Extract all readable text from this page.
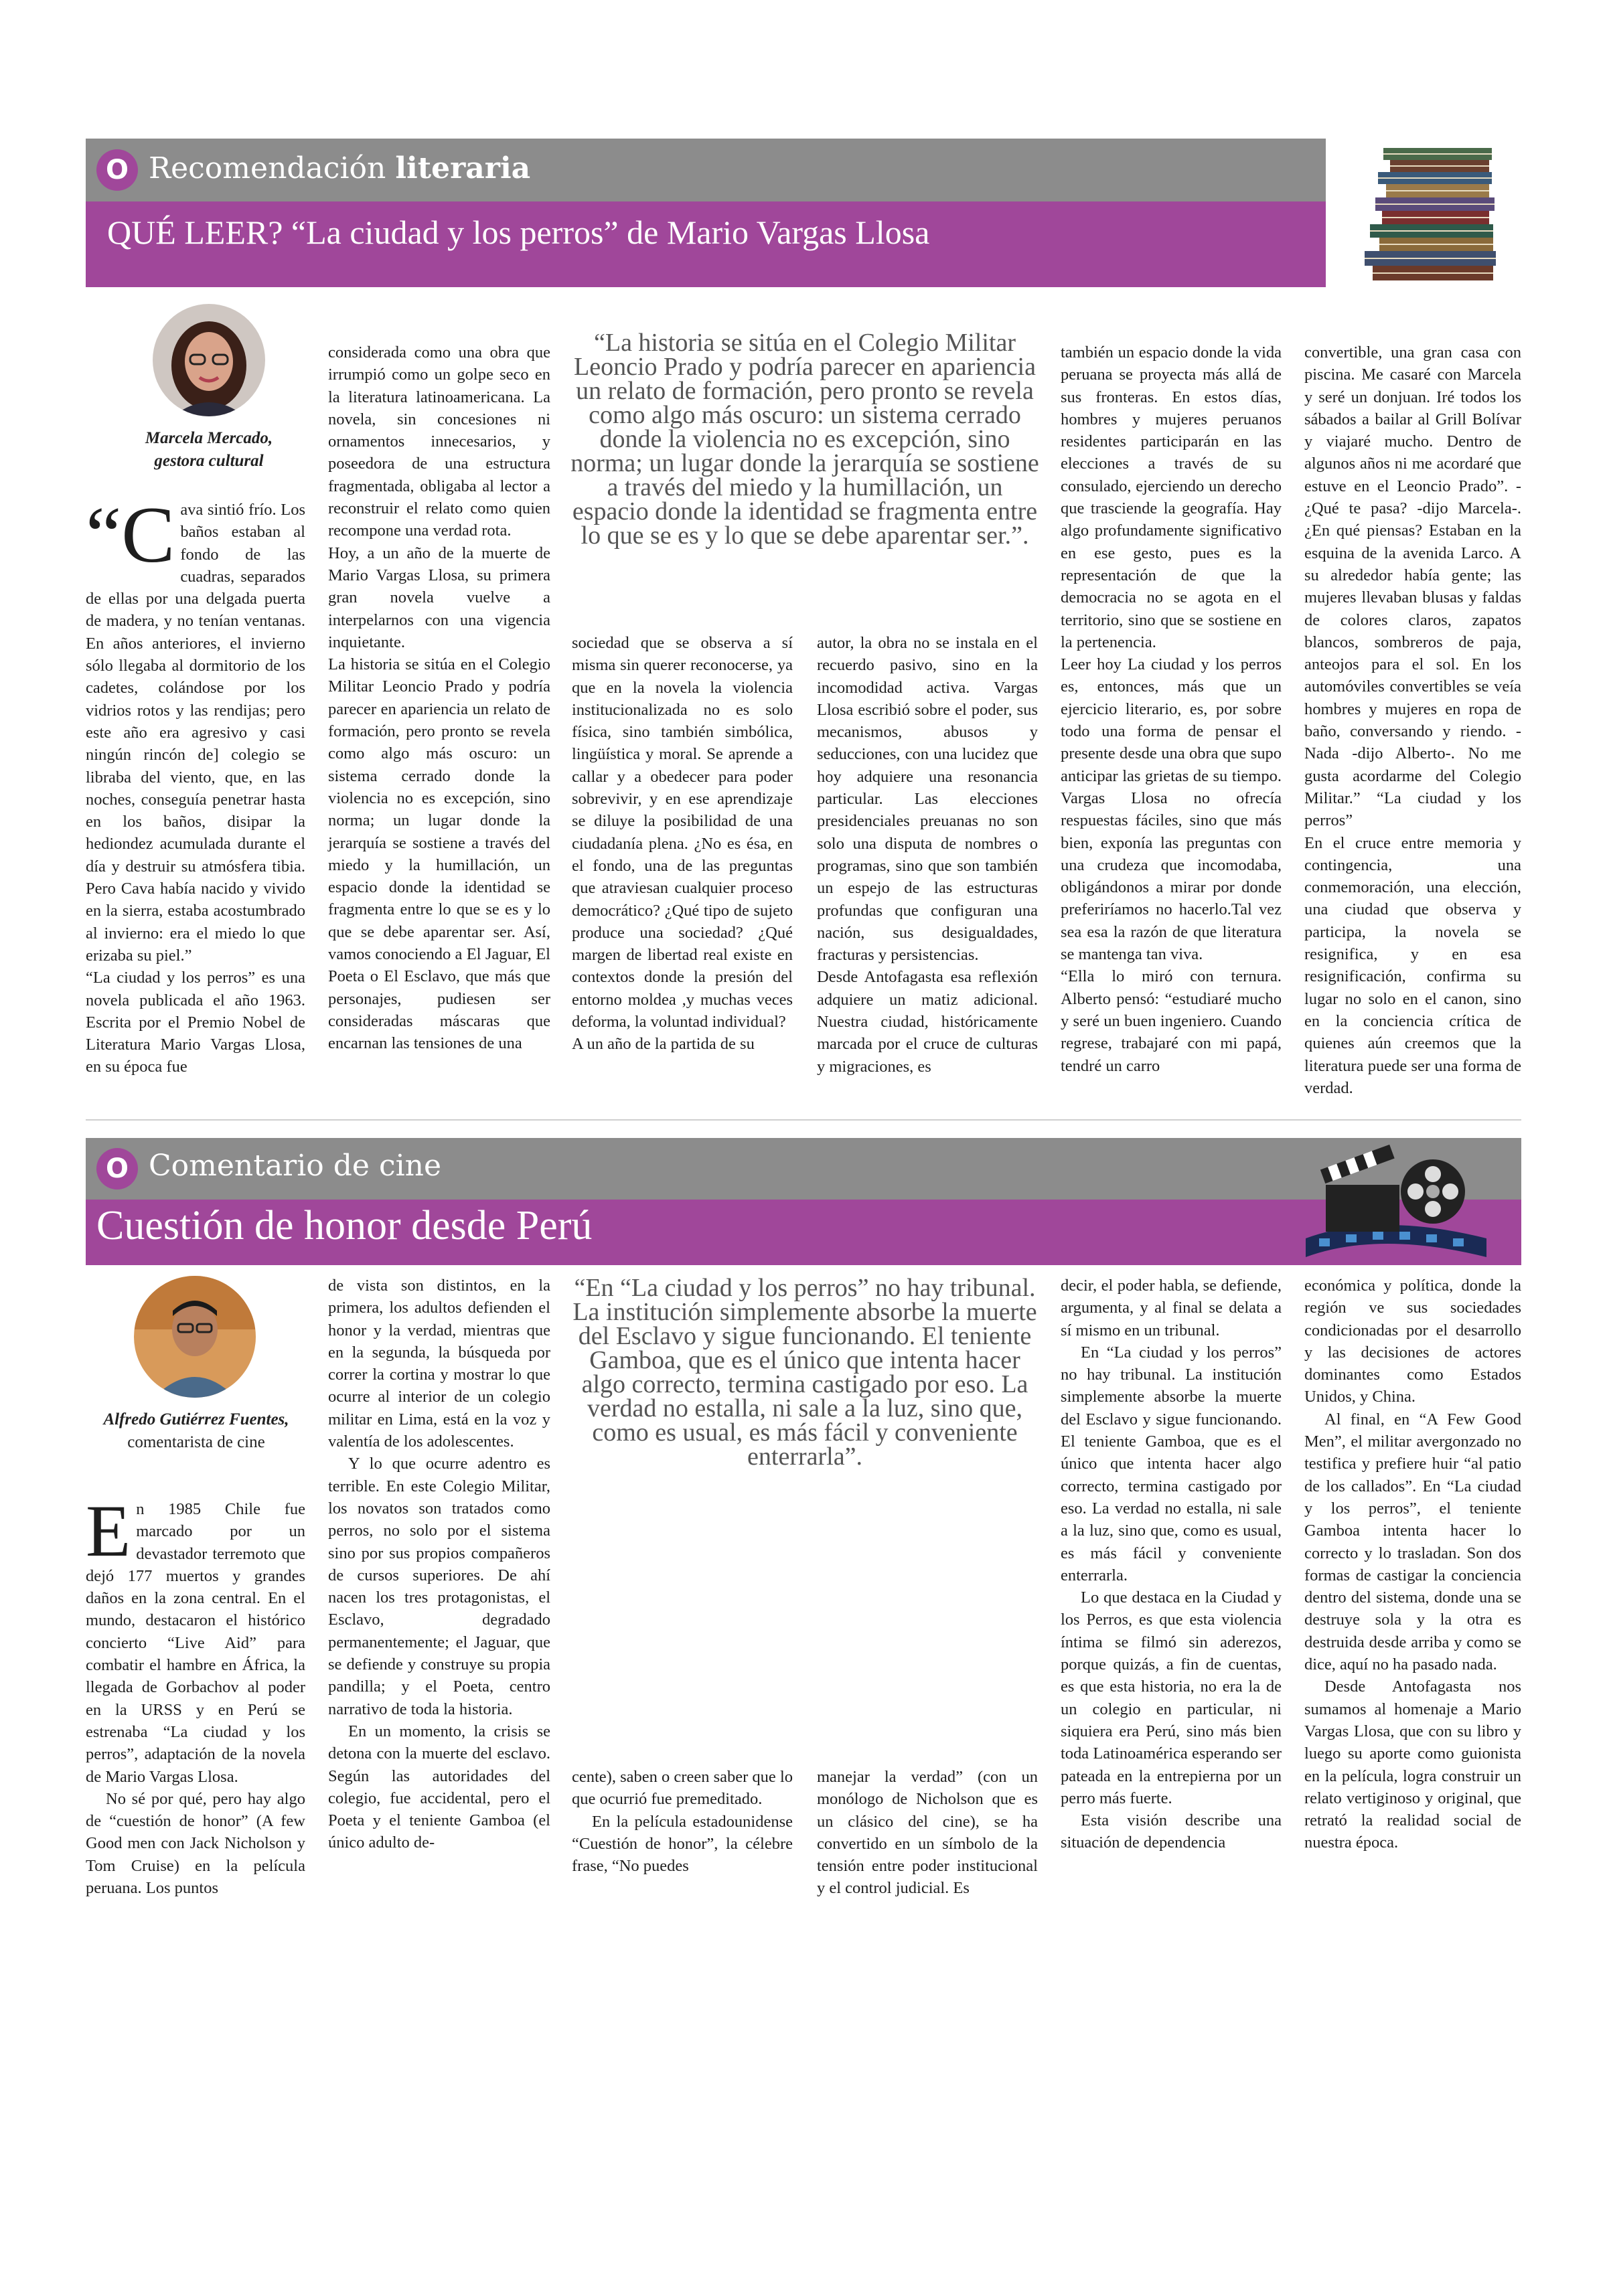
O Recomendación literaria
QUÉ LEER? “La ciudad y los perros” de Mario Vargas Llosa
Marcela Mercado,
gestora cultural

“Cava sintió frío. Los baños estaban al fondo de las cuadras, separados de ellas por una delgada puerta de madera, y no tenían ventanas. En años anteriores, el invierno sólo llegaba al dormitorio de los cadetes, colándose por los vidrios rotos y las rendijas; pero este año era agresivo y casi ningún rincón de] colegio se libraba del viento, que, en las noches, conseguía penetrar hasta en los baños, disipar la hediondez acumulada durante el día y destruir su atmósfera tibia. Pero Cava había nacido y vivido en la sierra, estaba acostumbrado al invierno: era el miedo lo que erizaba su piel.”

“La ciudad y los perros” es una novela publicada el año 1963. Escrita por el Premio Nobel de Literatura Mario Vargas Llosa, en su época fue

considerada como una obra que irrumpió como un golpe seco en la literatura latinoamericana. La novela, sin concesiones ni ornamentos innecesarios, y poseedora de una estructura fragmentada, obligaba al lector a reconstruir el relato como quien recompone una verdad rota.

Hoy, a un año de la muerte de Mario Vargas Llosa, su primera gran novela vuelve a interpelarnos con una vigencia inquietante.

La historia se sitúa en el Colegio Militar Leoncio Prado y podría parecer en apariencia un relato de formación, pero pronto se revela como algo más oscuro: un sistema cerrado donde la violencia no es excepción, sino norma; un lugar donde la jerarquía se sostiene a través del miedo y la humillación, un espacio donde la identidad se fragmenta entre lo que se es y lo que se debe aparentar ser. Así, vamos conociendo a El Jaguar, El Poeta o El Esclavo, que más que personajes, pudiesen ser consideradas máscaras que encarnan las tensiones de una

“La historia se sitúa en el Colegio Militar Leoncio Prado y podría parecer en apariencia un relato de formación, pero pronto se revela como algo más oscuro: un sistema cerrado donde la violencia no es excepción, sino norma; un lugar donde la jerarquía se sostiene a través del miedo y la humillación, un espacio donde la identidad se fragmenta entre lo que se es y lo que se debe aparentar ser.”.

sociedad que se observa a sí misma sin querer reconocerse, ya que en la novela la violencia institucionalizada no es solo física, sino también simbólica, lingüística y moral. Se aprende a callar y a obedecer para poder sobrevivir, y en ese aprendizaje se diluye la posibilidad de una ciudadanía plena. ¿No es ésa, en el fondo, una de las preguntas que atraviesan cualquier proceso democrático? ¿Qué tipo de sujeto produce una sociedad? ¿Qué margen de libertad real existe en contextos donde la presión del entorno moldea ,y muchas veces deforma, la voluntad individual?

A un año de la partida de su

autor, la obra no se instala en el recuerdo pasivo, sino en la incomodidad activa. Vargas Llosa escribió sobre el poder, sus mecanismos, abusos y seducciones, con una lucidez que hoy adquiere una resonancia particular. Las elecciones presidenciales preuanas no son solo una disputa de nombres o programas, sino que son también un espejo de las estructuras profundas que configuran una nación, sus desigualdades, fracturas y persistencias.

Desde Antofagasta esa reflexión adquiere un matiz adicional. Nuestra ciudad, históricamente marcada por el cruce de culturas y migraciones, es

también un espacio donde la vida peruana se proyecta más allá de sus fronteras. En estos días, hombres y mujeres peruanos residentes participarán en las elecciones a través de su consulado, ejerciendo un derecho que trasciende la geografía. Hay algo profundamente significativo en ese gesto, pues es la representación de que la democracia no se agota en el territorio, sino que se sostiene en la pertenencia.

Leer hoy La ciudad y los perros es, entonces, más que un ejercicio literario, es, por sobre todo una forma de pensar el presente desde una obra que supo anticipar las grietas de su tiempo. Vargas Llosa no ofrecía respuestas fáciles, sino que más bien, exponía las preguntas con una crudeza que incomodaba, obligándonos a mirar por donde preferiríamos no hacerlo.Tal vez sea esa la razón de que literatura se mantenga tan viva.

“Ella lo miró con ternura. Alberto pensó: “estudiaré mucho y seré un buen ingeniero. Cuando regrese, trabajaré con mi papá, tendré un carro

convertible, una gran casa con piscina. Me casaré con Marcela y seré un donjuan. Iré todos los sábados a bailar al Grill Bolívar y viajaré mucho. Dentro de algunos años ni me acordaré que estuve en el Leoncio Prado”. -¿Qué te pasa? -dijo Marcela-. ¿En qué piensas? Estaban en la esquina de la avenida Larco. A su alrededor había gente; las mujeres llevaban blusas y faldas de colores claros, zapatos blancos, sombreros de paja, anteojos para el sol. En los automóviles convertibles se veía hombres y mujeres en ropa de baño, conversando y riendo. -Nada -dijo Alberto-. No me gusta acordarme del Colegio Militar.” “La ciudad y los perros”

En el cruce entre memoria y contingencia, una conmemoración, una elección, una ciudad que observa y participa, la novela se resignifica, y en esa resignificación, confirma su lugar no solo en el canon, sino en la conciencia crítica de quienes aún creemos que la literatura puede ser una forma de verdad.

O Comentario de cine
Cuestión de honor desde Perú
Alfredo Gutiérrez Fuentes,
comentarista de cine

En 1985 Chile fue marcado por un devastador terremoto que dejó 177 muertos y grandes daños en la zona central. En el mundo, destacaron el histórico concierto “Live Aid” para combatir el hambre en África, la llegada de Gorbachov al poder en la URSS y en Perú se estrenaba “La ciudad y los perros”, adaptación de la novela de Mario Vargas Llosa.

No sé por qué, pero hay algo de “cuestión de honor” (A few Good men con Jack Nicholson y Tom Cruise) en la película peruana. Los puntos

de vista son distintos, en la primera, los adultos defienden el honor y la verdad, mientras que en la segunda, la búsqueda por correr la cortina y mostrar lo que ocurre al interior de un colegio militar en Lima, está en la voz y valentía de los adolescentes.

Y lo que ocurre adentro es terrible. En este Colegio Militar, los novatos son tratados como perros, no solo por el sistema sino por sus propios compañeros de cursos superiores. De ahí nacen los tres protagonistas, el Esclavo, degradado permanentemente; el Jaguar, que se defiende y construye su propia pandilla; y el Poeta, centro narrativo de toda la historia.

En un momento, la crisis se detona con la muerte del esclavo. Según las autoridades del colegio, fue accidental, pero el Poeta y el teniente Gamboa (el único adulto de-

“En “La ciudad y los perros” no hay tribunal. La institución simplemente absorbe la muerte del Esclavo y sigue funcionando. El teniente Gamboa, que es el único que intenta hacer algo correcto, termina castigado por eso. La verdad no estalla, ni sale a la luz, sino que, como es usual, es más fácil y conveniente enterrarla”.

cente), saben o creen saber que lo que ocurrió fue premeditado.

En la película estadounidense “Cuestión de honor”, la célebre frase, “No puedes

manejar la verdad” (con un monólogo de Nicholson que es un clásico del cine), se ha convertido en un símbolo de la tensión entre poder institucional y el control judicial. Es

decir, el poder habla, se defiende, argumenta, y al final se delata a sí mismo en un tribunal.

En “La ciudad y los perros” no hay tribunal. La institución simplemente absorbe la muerte del Esclavo y sigue funcionando. El teniente Gamboa, que es el único que intenta hacer algo correcto, termina castigado por eso. La verdad no estalla, ni sale a la luz, sino que, como es usual, es más fácil y conveniente enterrarla.

Lo que destaca en la Ciudad y los Perros, es que esta violencia íntima se filmó sin aderezos, porque quizás, a fin de cuentas, es que esta historia, no era la de un colegio en particular, ni siquiera era Perú, sino más bien toda Latinoamérica esperando ser pateada en la entrepierna por un perro más fuerte.

Esta visión describe una situación de dependencia

económica y política, donde la región ve sus sociedades condicionadas por el desarrollo y las decisiones de actores dominantes como Estados Unidos, y China.

Al final, en “A Few Good Men”, el militar avergonzado no testifica y prefiere huir “al patio de los callados”. En “La ciudad y los perros”, el teniente Gamboa intenta hacer lo correcto y lo trasladan. Son dos formas de castigar la conciencia dentro del sistema, donde una se destruye sola y la otra es destruida desde arriba y como se dice, aquí no ha pasado nada.

Desde Antofagasta nos sumamos al homenaje a Mario Vargas Llosa, que con su libro y luego su aporte como guionista en la película, logra construir un relato vertiginoso y original, que retrató la realidad social de nuestra época.
